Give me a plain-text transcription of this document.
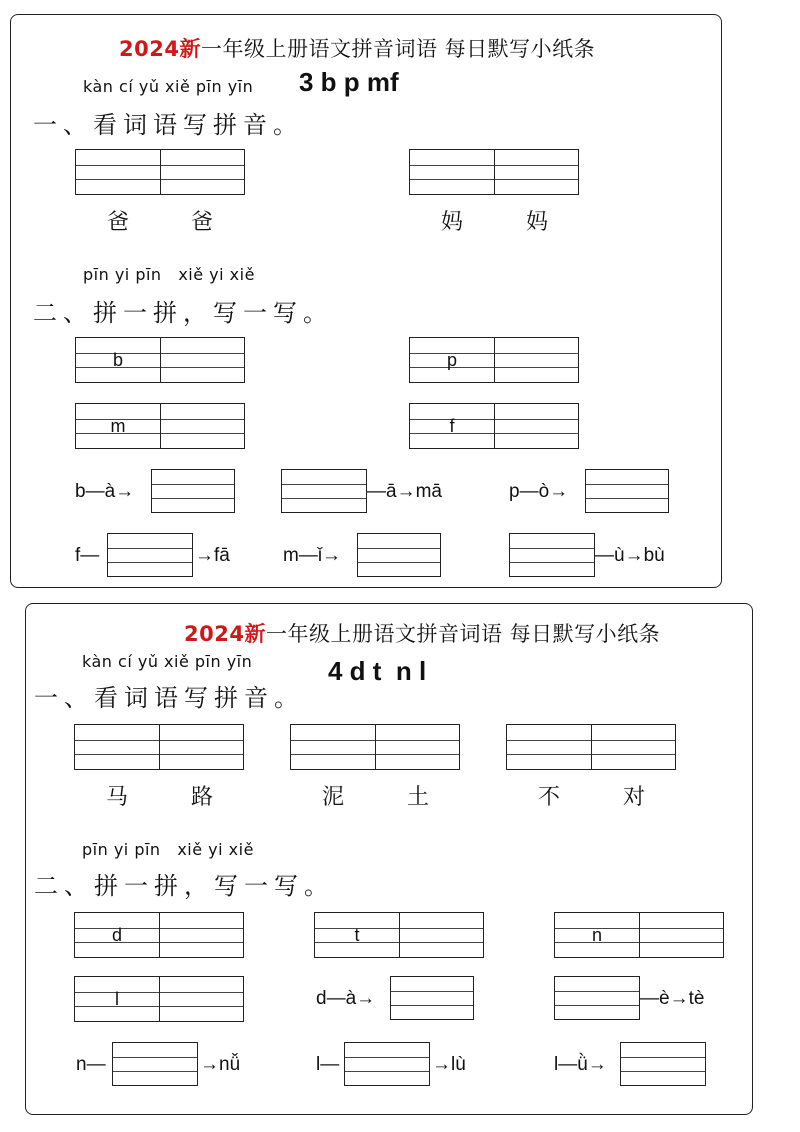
2024新一年级上册语文拼音词语 每日默写小纸条
kàn cí yǔ xiě pīn yīn 3 b p mf
一、看词语写拼音。
爸	爸	妈	妈
pīn yi pīn   xiě yi xiě
二、拼一拼，写一写。
b	p
m	f
b—à→	—ā→mā	p—ò→
f—	→fā	m—ǐ→	—ù→bù
2024新一年级上册语文拼音词语 每日默写小纸条
kàn cí yǔ xiě pīn yīn	4 d t  n l
一、看词语写拼音。
马	路	泥	土	不	对
pīn yi pīn   xiě yi xiě
二、拼一拼，写一写。
d	t	n
l	d—à→	—è→tè
n—	→nǚ	l—	→lù	l—ǜ→
